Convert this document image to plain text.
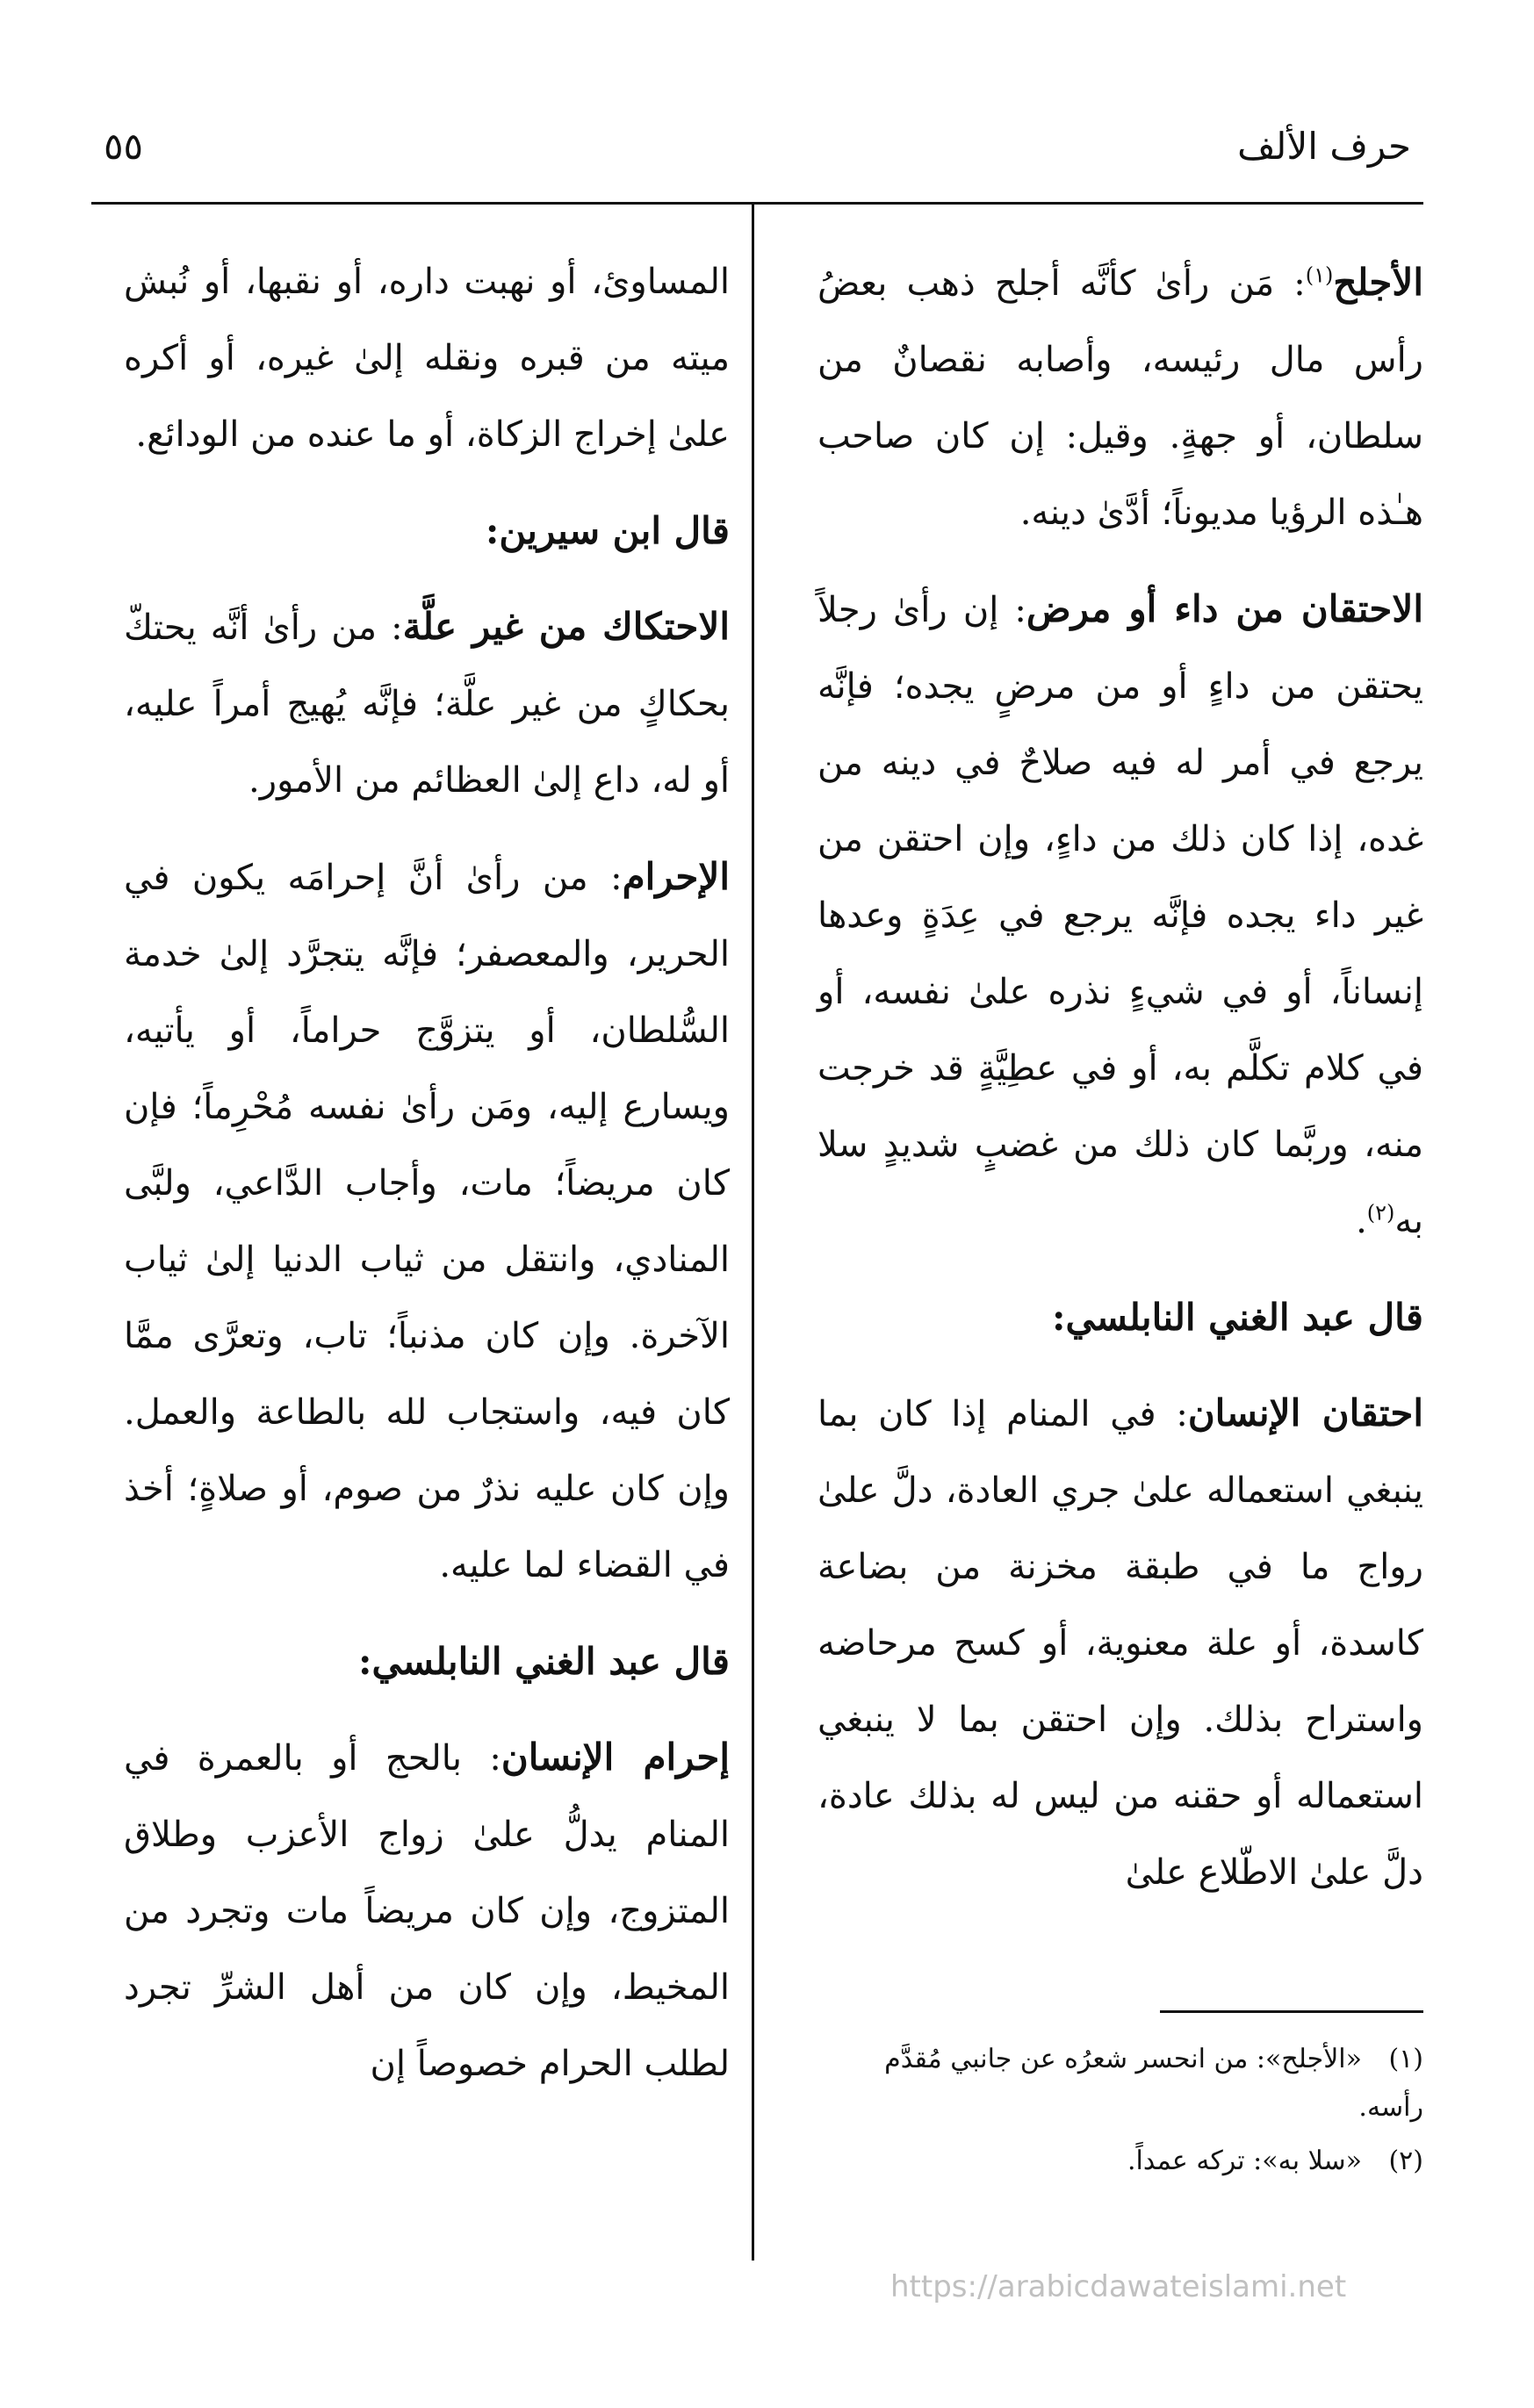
حرف الألف
٥٥

الأجلح$^{(١)}$: مَن رأىٰ كأنَّه أجلح ذهب بعضُ رأس مال رئيسه، وأصابه نقصانٌ من سلطان، أو جهةٍ. وقيل: إن كان صاحب هـٰذه الرؤيا مديوناً؛ أدَّىٰ دينه.

الاحتقان من داء أو مرض: إن رأىٰ رجلاً يحتقن من داءٍ أو من مرضٍ يجده؛ فإنَّه يرجع في أمر له فيه صلاحٌ في دينه من غده، إذا كان ذلك من داءٍ، وإن احتقن من غير داء يجده فإنَّه يرجع في عِدَةٍ وعدها إنساناً، أو في شيءٍ نذره علىٰ نفسه، أو في كلام تكلَّم به، أو في عطِيَّةٍ قد خرجت منه، وربَّما كان ذلك من غضبٍ شديدٍ سلا به$^{(٢)}$.

قال عبد الغني النابلسي:

احتقان الإنسان: في المنام إذا كان بما ينبغي استعماله علىٰ جري العادة، دلَّ علىٰ رواج ما في طبقة مخزنة من بضاعة كاسدة، أو علة معنوية، أو كسح مرحاضه واستراح بذلك. وإن احتقن بما لا ينبغي استعماله أو حقنه من ليس له بذلك عادة، دلَّ علىٰ الاطّلاع علىٰ

المساوئ، أو نهبت داره، أو نقبها، أو نُبش ميته من قبره ونقله إلىٰ غيره، أو أكره علىٰ إخراج الزكاة، أو ما عنده من الودائع.

قال ابن سيرين:

الاحتكاك من غير علَّة: من رأىٰ أنَّه يحتكّ بحكاكٍ من غير علَّة؛ فإنَّه يُهيج أمراً عليه، أو له، داع إلىٰ العظائم من الأمور.

الإحرام: من رأىٰ أنَّ إحرامَه يكون في الحرير، والمعصفر؛ فإنَّه يتجرَّد إلىٰ خدمة السُّلطان، أو يتزوَّج حراماً، أو يأتيه، ويسارع إليه، ومَن رأىٰ نفسه مُحْرِماً؛ فإن كان مريضاً؛ مات، وأجاب الدَّاعي، ولبَّى المنادي، وانتقل من ثياب الدنيا إلىٰ ثياب الآخرة. وإن كان مذنباً؛ تاب، وتعرَّى ممَّا كان فيه، واستجاب لله بالطاعة والعمل. وإن كان عليه نذرٌ من صوم، أو صلاةٍ؛ أخذ في القضاء لما عليه.

قال عبد الغني النابلسي:

إحرام الإنسان: بالحج أو بالعمرة في المنام يدلُّ علىٰ زواج الأعزب وطلاق المتزوج، وإن كان مريضاً مات وتجرد من المخيط، وإن كان من أهل الشرِّ تجرد لطلب الحرام خصوصاً إن	(١)«الأجلح»: من انحسر شعرُه عن جانبي مُقدَّم رأسه.
(٢)«سلا به»: تركه عمداً.
https://arabicdawateislami.net
